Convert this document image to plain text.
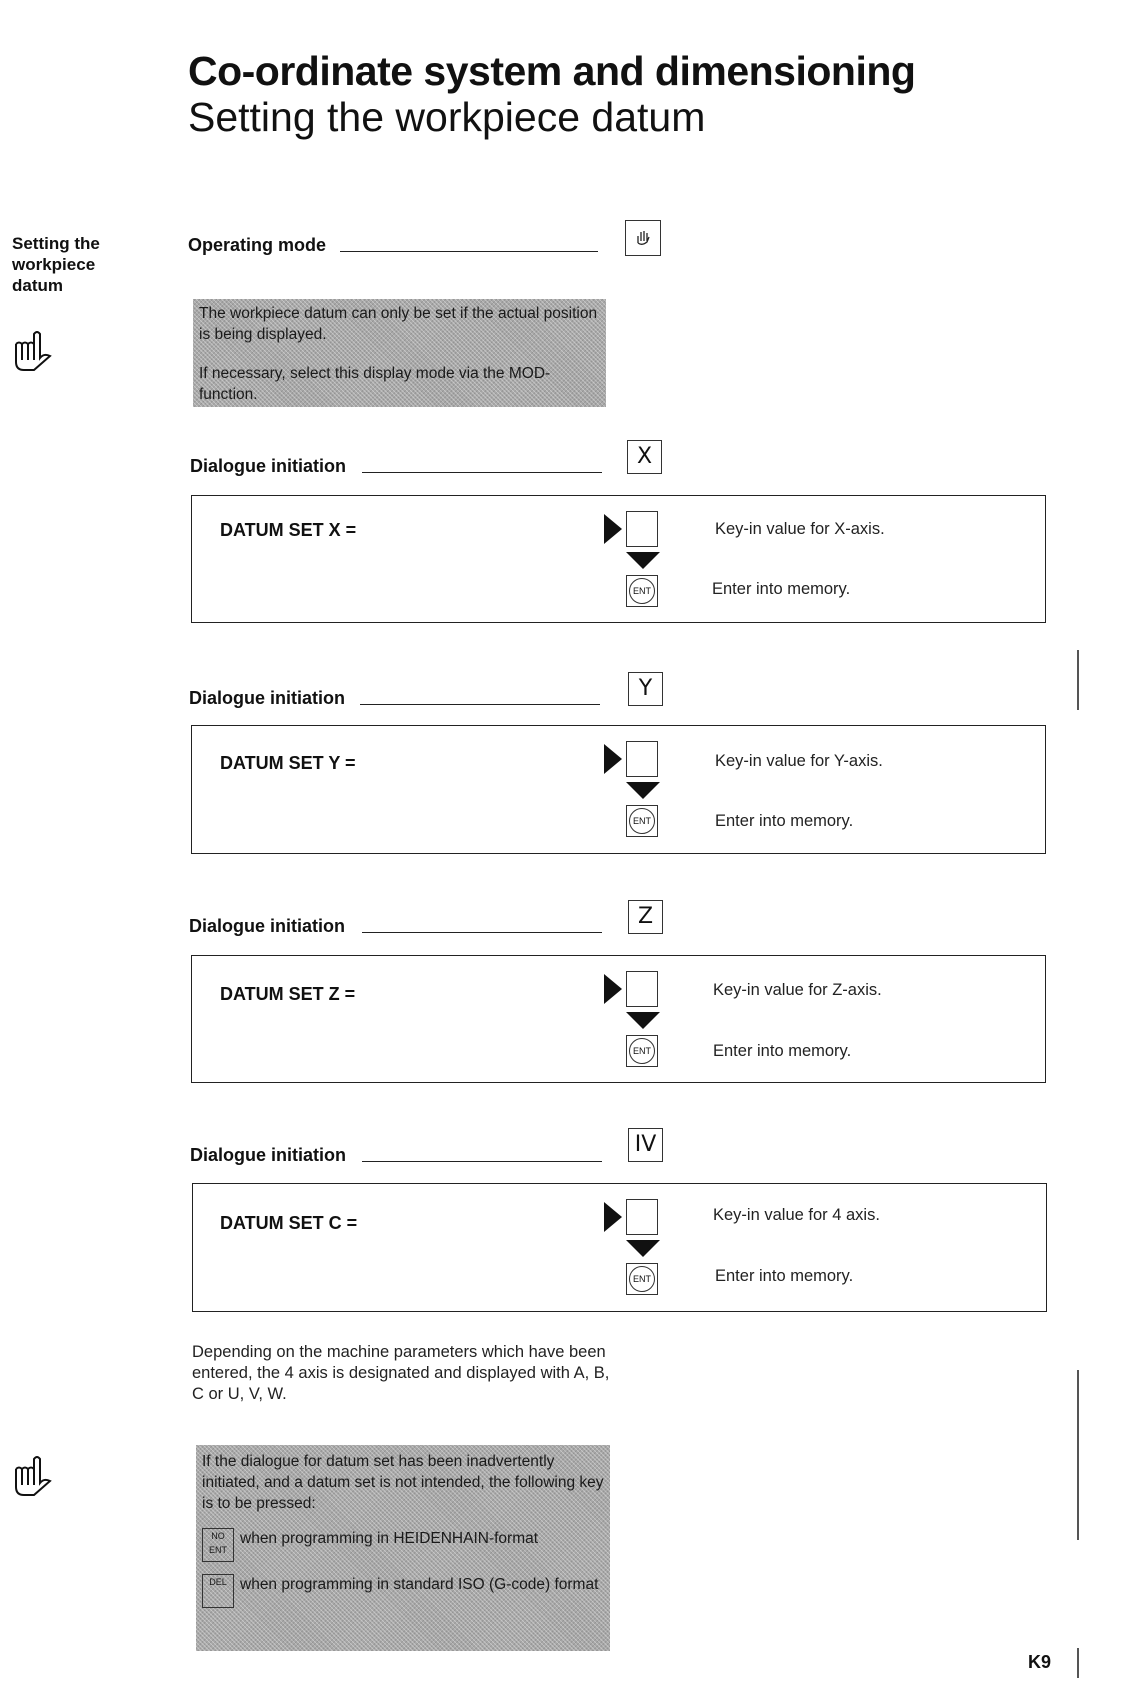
Co-ordinate system and dimensioning
Setting the workpiece datum
Setting the workpiece datum
Operating mode

The workpiece datum can only be set if the actual position is being displayed.

If necessary, select this display mode via the MOD-function.

Dialogue initiation	X
DATUM SET X =
ENT
Key-in value for X-axis.
Enter into memory.
Dialogue initiation	Y
DATUM SET Y =
ENT
Key-in value for Y-axis.
Enter into memory.
Dialogue initiation	Z
DATUM SET Z =
ENT
Key-in value for Z-axis.
Enter into memory.
Dialogue initiation	IV
DATUM SET C =
ENT
Key-in value for 4 axis.
Enter into memory.
Depending on the machine parameters which have been entered, the 4 axis is designated and displayed with A, B, C or U, V, W.

If the dialogue for datum set has been inadvertently initiated, and a datum set is not intended, the following key is to be pressed:

NO ENT
when programming in HEIDENHAIN-format
DEL when programming in standard ISO (G-code) format
K9
